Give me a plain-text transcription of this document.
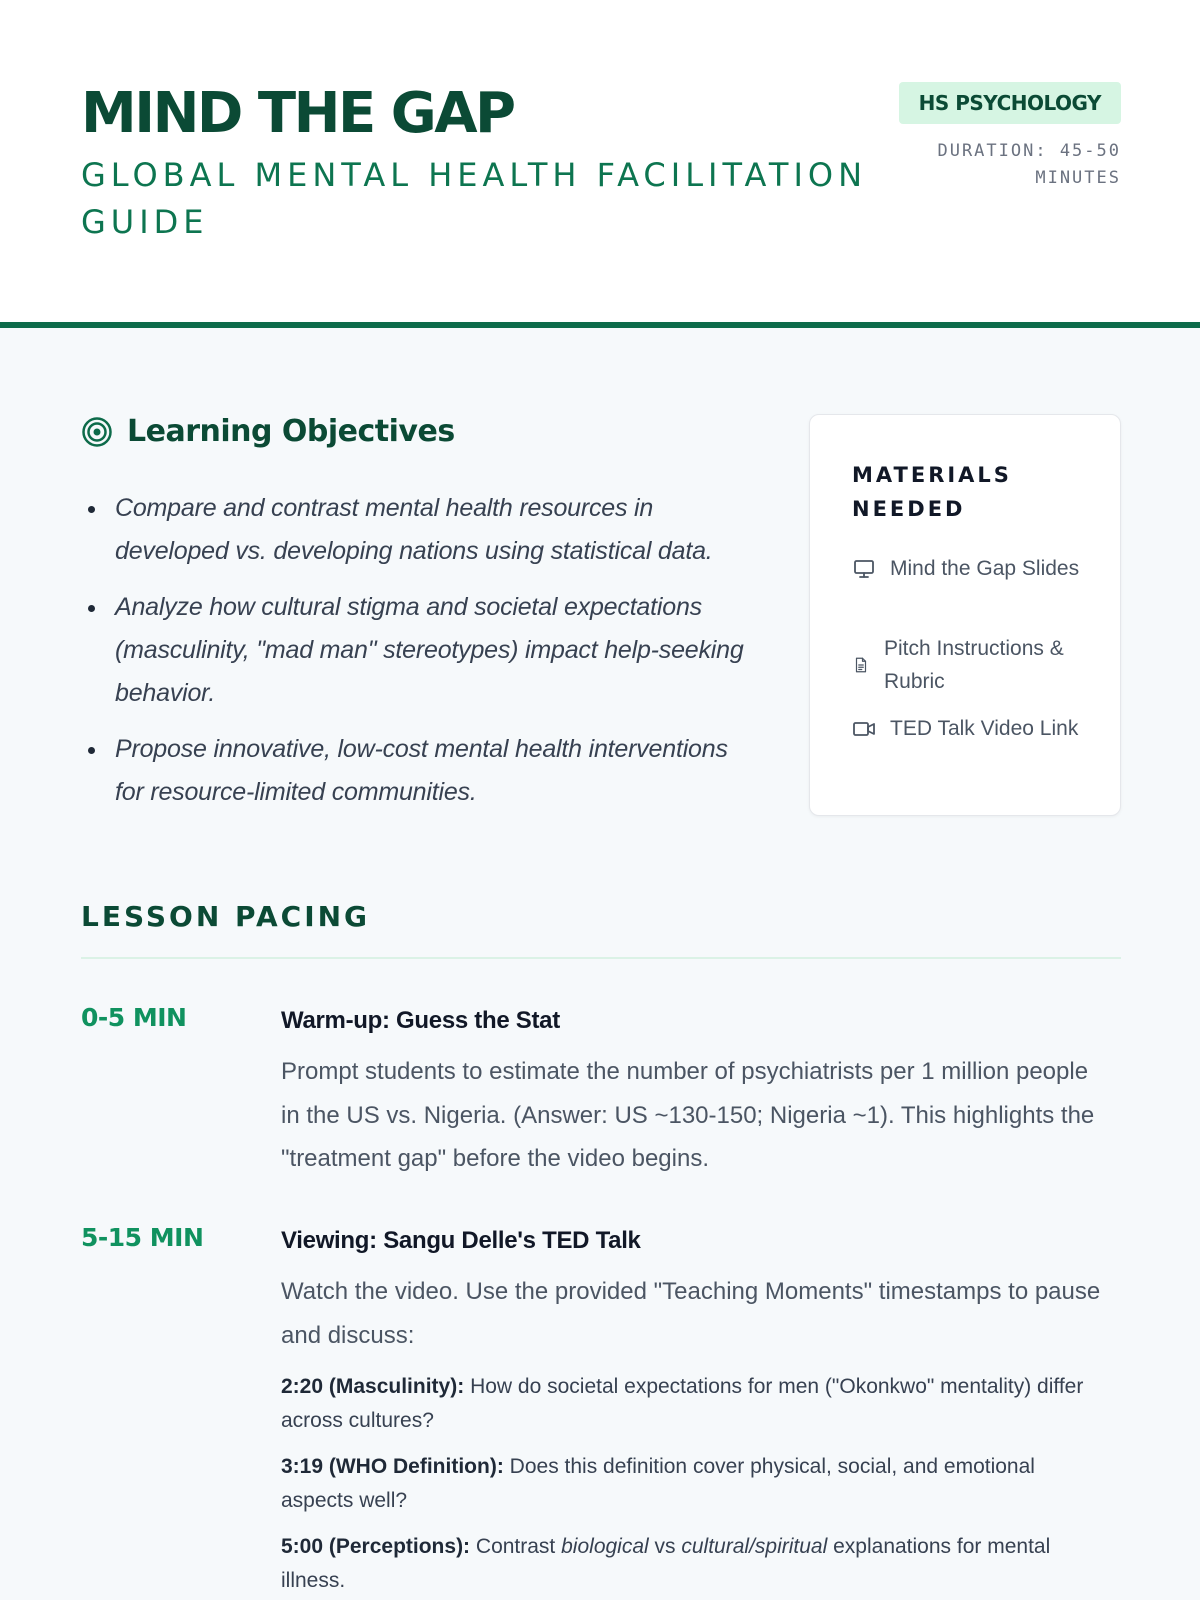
MIND THE GAP
GLOBAL MENTAL HEALTH FACILITATION GUIDE
HS PSYCHOLOGY
DURATION: 45-50 MINUTES
Learning Objectives
Compare and contrast mental health resources in developed vs. developing nations using statistical data.
Analyze how cultural stigma and societal expectations (masculinity, "mad man" stereotypes) impact help-seeking behavior.
Propose innovative, low-cost mental health interventions for resource-limited communities.
MATERIALS NEEDED
Mind the Gap Slides
Pitch Instructions & Rubric
TED Talk Video Link
LESSON PACING
0-5 MIN	Warm-up: Guess the Stat
Prompt students to estimate the number of psychiatrists per 1 million people in the US vs. Nigeria. (Answer: US ~130-150; Nigeria ~1). This highlights the "treatment gap" before the video begins.
5-15 MIN	Viewing: Sangu Delle's TED Talk
Watch the video. Use the provided "Teaching Moments" timestamps to pause and discuss:
2:20 (Masculinity): How do societal expectations for men ("Okonkwo" mentality) differ across cultures?
3:19 (WHO Definition): Does this definition cover physical, social, and emotional aspects well?
5:00 (Perceptions): Contrast biological vs cultural/spiritual explanations for mental illness.
